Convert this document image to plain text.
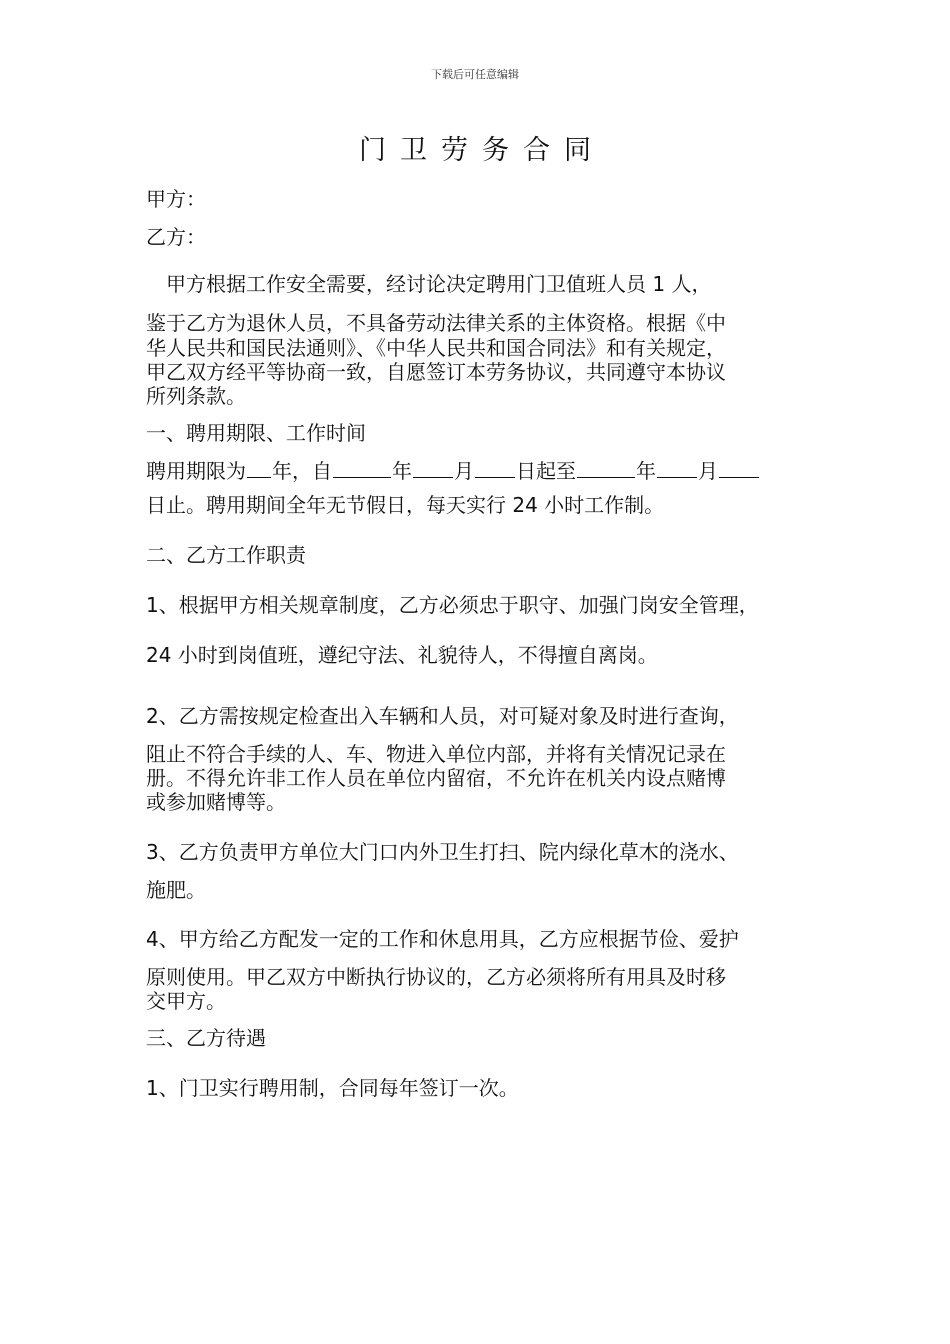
下载后可任意编辑
门卫劳务合同
甲方：
乙方：
　甲方根据工作安全需要，经讨论决定聘用门卫值班人员 1 人，
鉴于乙方为退休人员，不具备劳动法律关系的主体资格。根据《中
华人民共和国民法通则》、《中华人民共和国合同法》和有关规定，
甲乙双方经平等协商一致，自愿签订本劳务协议，共同遵守本协议
所列条款。
一、聘用期限、工作时间
聘用期限为 年，自	年 月 日起至	年 月
日止。聘用期间全年无节假日，每天实行 24 小时工作制。
二、乙方工作职责
1、根据甲方相关规章制度，乙方必须忠于职守、加强门岗安全管理，
24 小时到岗值班，遵纪守法、礼貌待人，不得擅自离岗。
2、乙方需按规定检查出入车辆和人员，对可疑对象及时进行查询，
阻止不符合手续的人、车、物进入单位内部，并将有关情况记录在
册。不得允许非工作人员在单位内留宿，不允许在机关内设点赌博
或参加赌博等。
3、乙方负责甲方单位大门口内外卫生打扫、院内绿化草木的浇水、
施肥。
4、甲方给乙方配发一定的工作和休息用具，乙方应根据节俭、爱护
原则使用。甲乙双方中断执行协议的，乙方必须将所有用具及时移
交甲方。
三、乙方待遇
1、门卫实行聘用制，合同每年签订一次。
